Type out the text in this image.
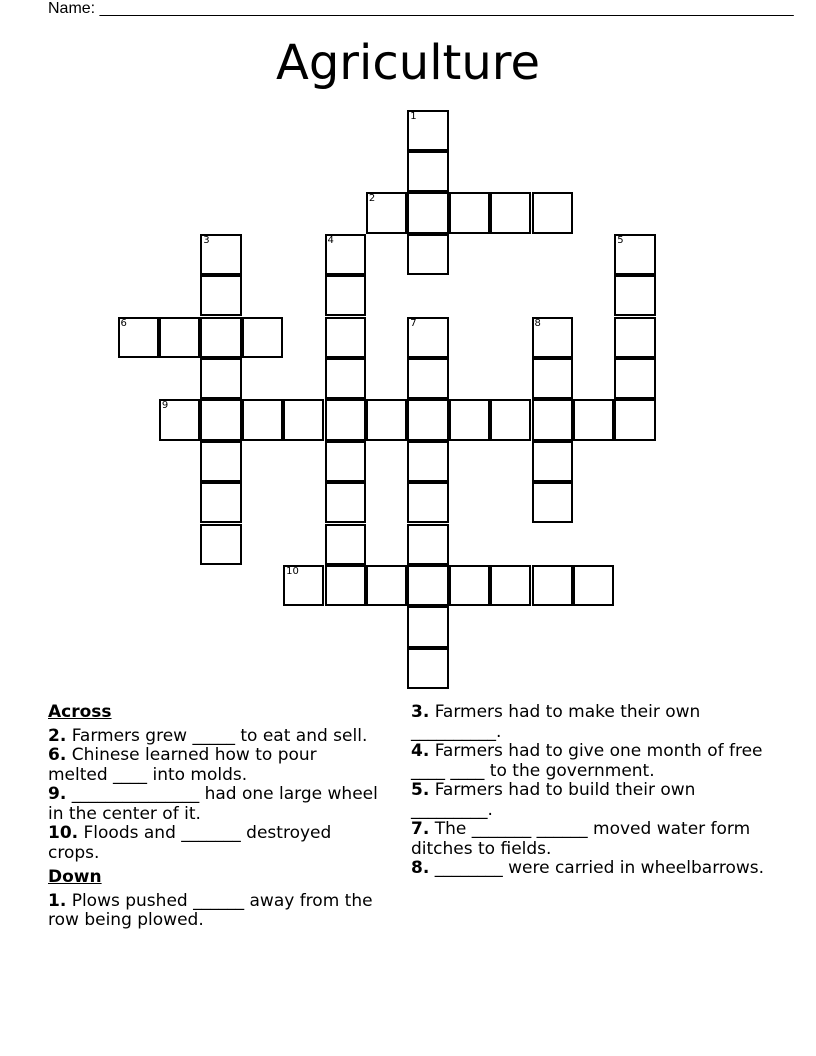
Name: ______________________________________________________________________________
Agriculture
1
2
3	4	5
6	7	8
9
10
Across
2. Farmers grew _____ to eat and sell.
6. Chinese learned how to pour melted ____ into molds.
9. _______________ had one large wheel in the center of it.
10. Floods and _______ destroyed crops.
Down
1. Plows pushed ______ away from the row being plowed.
3. Farmers had to make their own __________.
4. Farmers had to give one month of free ____ ____ to the government.
5. Farmers had to build their own _________.
7. The _______ ______ moved water form ditches to fields.
8. ________ were carried in wheelbarrows.
